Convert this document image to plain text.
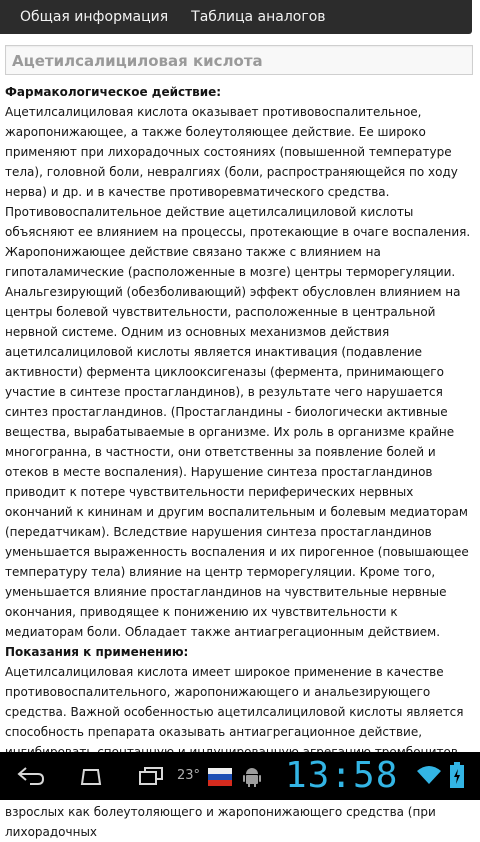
Общая информация	Таблица аналогов
Ацетилсалициловая кислота
Фармакологическое действие:
Ацетилсалициловая кислота оказывает противовоспалительное, жаропонижающее, а также болеутоляющее действие. Ее широко применяют при лихорадочных состояниях (повышенной температуре тела), головной боли, невралгиях (боли, распространяющейся по ходу нерва) и др. и в качестве противоревматического средства. Противовоспалительное действие ацетилсалициловой кислоты объясняют ее влиянием на процессы, протекающие в очаге воспаления. Жаропонижающее действие связано также с влиянием на гипоталамические (расположенные в мозге) центры терморегуляции. Анальгезирующий (обезболивающий) эффект обусловлен влиянием на центры болевой чувствительности, расположенные в центральной нервной системе. Одним из основных механизмов действия ацетилсалициловой кислоты является инактивация (подавление активности) фермента циклооксигеназы (фермента, принимающего участие в синтезе простагландинов), в результате чего нарушается синтез простагландинов. (Простагландины - биологически активные вещества, вырабатываемые в организме. Их роль в организме крайне многогранна, в частности, они ответственны за появление болей и отеков в месте воспаления). Нарушение синтеза простагландинов приводит к потере чувствительности периферических нервных окончаний к кининам и другим воспалительным и болевым медиаторам (передатчикам). Вследствие нарушения синтеза простагландинов уменьшается выраженность воспаления и их пирогенное (повышающее температуру тела) влияние на центр терморегуляции. Кроме того, уменьшается влияние простагландинов на чувствительные нервные окончания, приводящее к понижению их чувствительности к медиаторам боли. Обладает также антиагрегационным действием.
Показания к применению:
Ацетилсалициловая кислота имеет широкое применение в качестве противовоспалительного, жаропонижающего и анальезирующего средства. Важной особенностью ацетилсалициловой кислоты является способность препарата оказывать антиагрегационное действие,
взрослых как болеутоляющего и жаропонижающего средства (при лихорадочных
23° 13:58
